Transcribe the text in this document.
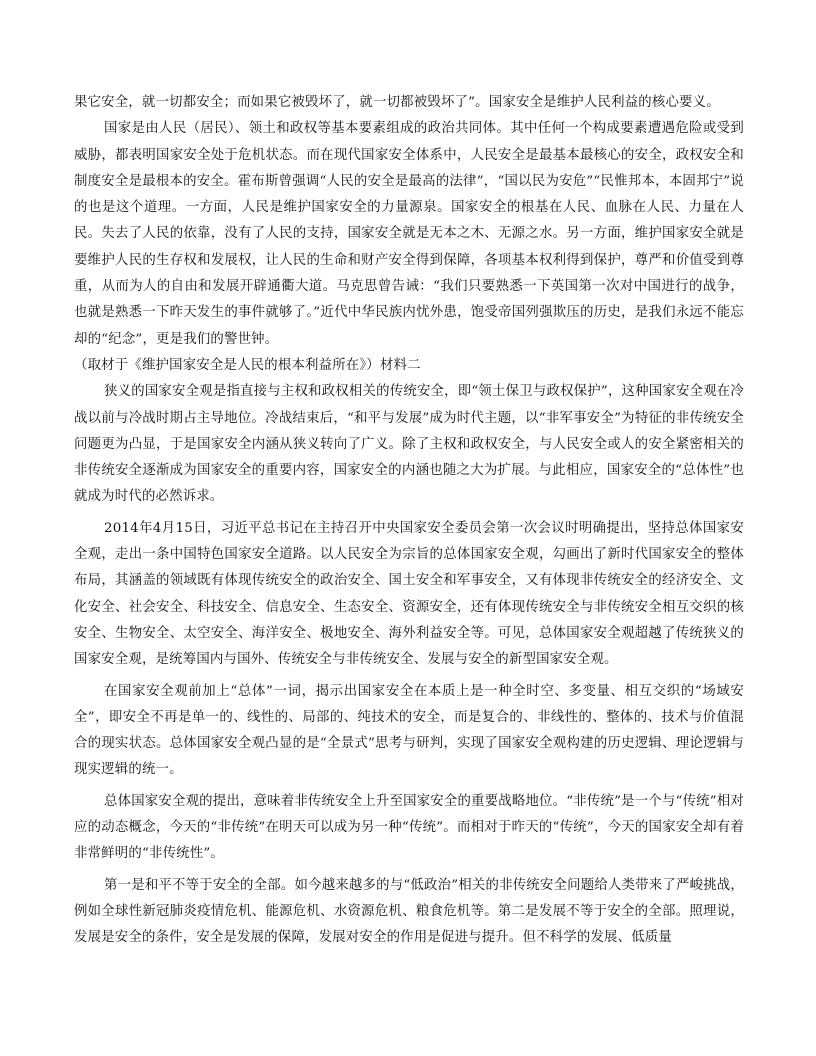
果它安全，就一切都安全；而如果它被毁坏了，就一切都被毁坏了”。国家安全是维护人民利益的核心要义。

国家是由人民（居民）、领土和政权等基本要素组成的政治共同体。其中任何一个构成要素遭遇危险或受到威胁，都表明国家安全处于危机状态。而在现代国家安全体系中，人民安全是最基本最核心的安全，政权安全和制度安全是最根本的安全。霍布斯曾强调“人民的安全是最高的法律”，“国以民为安危”“民惟邦本，本固邦宁”说的也是这个道理。一方面，人民是维护国家安全的力量源泉。国家安全的根基在人民、血脉在人民、力量在人民。失去了人民的依靠，没有了人民的支持，国家安全就是无本之木、无源之水。另一方面，维护国家安全就是要维护人民的生存权和发展权，让人民的生命和财产安全得到保障，各项基本权利得到保护，尊严和价值受到尊重，从而为人的自由和发展开辟通衢大道。马克思曾告诫：“我们只要熟悉一下英国第一次对中国进行的战争，也就是熟悉一下昨天发生的事件就够了。”近代中华民族内忧外患，饱受帝国列强欺压的历史，是我们永远不能忘却的“纪念”，更是我们的警世钟。

（取材于《维护国家安全是人民的根本利益所在》）材料二

狭义的国家安全观是指直接与主权和政权相关的传统安全，即“领土保卫与政权保护”，这种国家安全观在冷战以前与冷战时期占主导地位。冷战结束后，“和平与发展”成为时代主题，以“非军事安全”为特征的非传统安全问题更为凸显，于是国家安全内涵从狭义转向了广义。除了主权和政权安全，与人民安全或人的安全紧密相关的非传统安全逐渐成为国家安全的重要内容，国家安全的内涵也随之大为扩展。与此相应，国家安全的“总体性”也就成为时代的必然诉求。

2014年4月15日，习近平总书记在主持召开中央国家安全委员会第一次会议时明确提出，坚持总体国家安全观，走出一条中国特色国家安全道路。以人民安全为宗旨的总体国家安全观，勾画出了新时代国家安全的整体布局，其涵盖的领域既有体现传统安全的政治安全、国土安全和军事安全，又有体现非传统安全的经济安全、文化安全、社会安全、科技安全、信息安全、生态安全、资源安全，还有体现传统安全与非传统安全相互交织的核安全、生物安全、太空安全、海洋安全、极地安全、海外利益安全等。可见，总体国家安全观超越了传统狭义的国家安全观，是统筹国内与国外、传统安全与非传统安全、发展与安全的新型国家安全观。

在国家安全观前加上“总体”一词，揭示出国家安全在本质上是一种全时空、多变量、相互交织的“场域安全”，即安全不再是单一的、线性的、局部的、纯技术的安全，而是复合的、非线性的、整体的、技术与价值混合的现实状态。总体国家安全观凸显的是“全景式”思考与研判，实现了国家安全观构建的历史逻辑、理论逻辑与现实逻辑的统一。

总体国家安全观的提出，意味着非传统安全上升至国家安全的重要战略地位。“非传统”是一个与“传统”相对应的动态概念，今天的“非传统”在明天可以成为另一种“传统”。而相对于昨天的“传统”，今天的国家安全却有着非常鲜明的“非传统性”。

第一是和平不等于安全的全部。如今越来越多的与“低政治”相关的非传统安全问题给人类带来了严峻挑战，例如全球性新冠肺炎疫情危机、能源危机、水资源危机、粮食危机等。第二是发展不等于安全的全部。照理说，发展是安全的条件，安全是发展的保障，发展对安全的作用是促进与提升。但不科学的发展、低质量
